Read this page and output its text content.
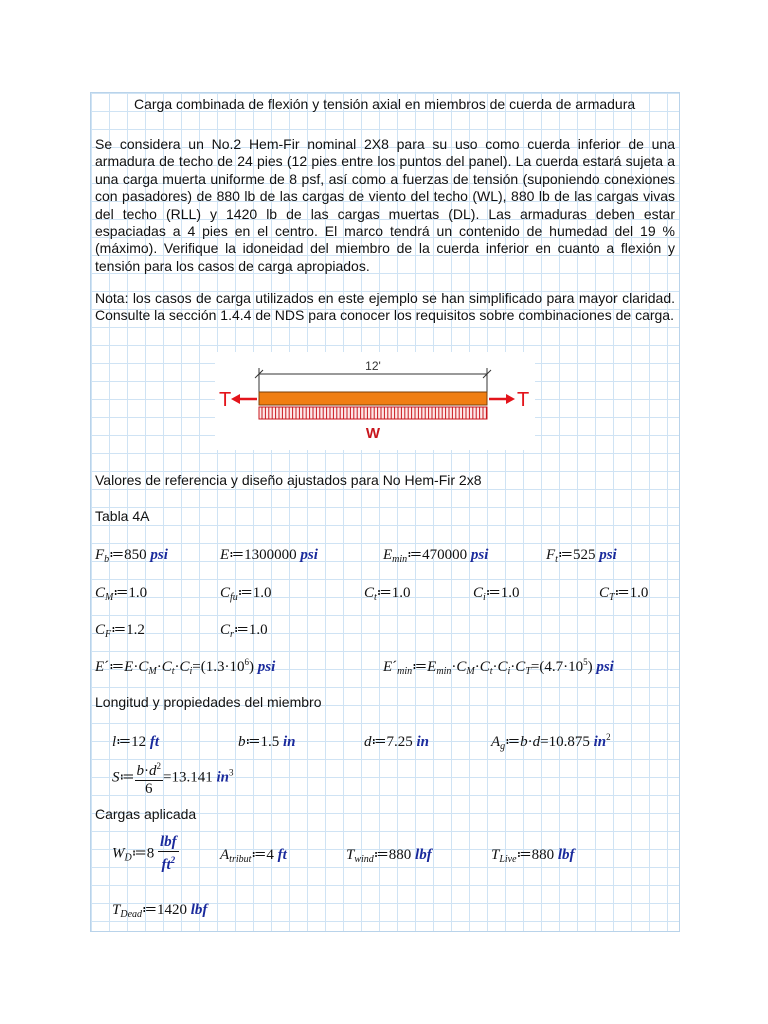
Carga combinada de flexión y tensión axial en miembros de cuerda de armadura
Se considera un No.2 Hem-Fir nominal 2X8 para su uso como cuerda inferior de una armadura de techo de 24 pies (12 pies entre los puntos del panel). La cuerda estará sujeta a una carga muerta uniforme de 8 psf, así como a fuerzas de tensión (suponiendo conexiones con pasadores) de 880 lb de las cargas de viento del techo (WL), 880 lb de las cargas vivas del techo (RLL) y 1420 lb de las cargas muertas (DL). Las armaduras deben estar espaciadas a 4 pies en el centro. El marco tendrá un contenido de humedad del 19 % (máximo). Verifique la idoneidad del miembro de la cuerda inferior en cuanto a flexión y tensión para los casos de carga apropiados.
Nota: los casos de carga utilizados en este ejemplo se han simplificado para mayor claridad. Consulte la sección 1.4.4 de NDS para conocer los requisitos sobre combinaciones de carga.
12'
T	T
W
Valores de referencia y diseño ajustados para No Hem-Fir 2x8
Tabla 4A
$F_b≔850$ psi	E≔1300000 psi	$E_{min}≔470000$ psi	$F_t≔525$ psi
$C_M≔1.0$	$C_{fu}≔1.0$	$C_t≔1.0$	$C_i≔1.0$	$C_T≔1.0$
$C_F≔1.2$	$C_r≔1.0$
$E´≔E\cdot C_M\cdot C_t\cdot C_i=(1.3\cdot 10^6)$ psi	$E´_{min}≔E_{min}\cdot C_M\cdot C_t\cdot C_i\cdot C_T=(4.7\cdot 10^5)$ psi
Longitud y propiedades del miembro
l≔12 ft	b≔1.5 in	d≔7.25 in	$A_g≔b\cdot d=10.875$ $in^2$
S≔ $\frac{b\cdot d^2}{6} =13.141$ $in^3$
Cargas aplicada
$W_D≔8 \frac{\text{lbf}}{ft^2}$	$A_{tribut}≔4$ ft	$T_{wind}≔880$ lbf	$T_{Live}≔880$ lbf
$T_{Dead}≔1420$ lbf
